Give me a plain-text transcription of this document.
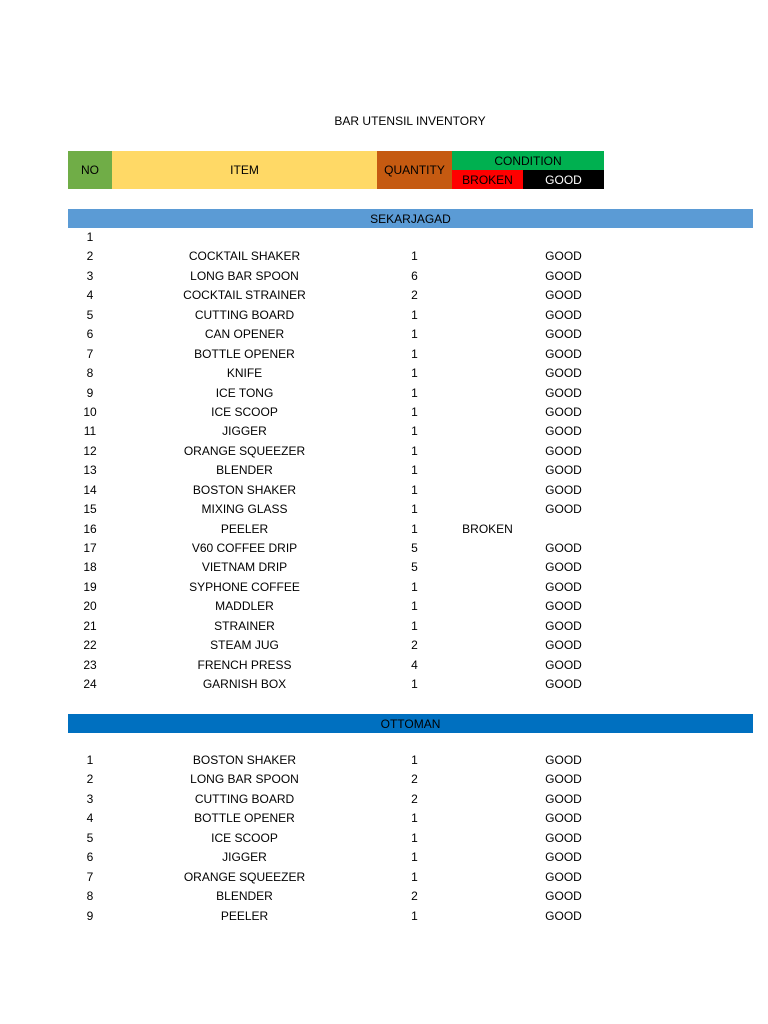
BAR UTENSIL INVENTORY
NO	ITEM	QUANTITY
CONDITION
BROKEN	GOOD
SEKARJAGAD
1
2	COCKTAIL SHAKER	1	GOOD
3	LONG BAR SPOON	6	GOOD
4	COCKTAIL STRAINER	2	GOOD
5	CUTTING BOARD	1	GOOD
6	CAN OPENER	1	GOOD
7	BOTTLE OPENER	1	GOOD
8	KNIFE	1	GOOD
9	ICE TONG	1	GOOD
10	ICE SCOOP	1	GOOD
11	JIGGER	1	GOOD
12	ORANGE SQUEEZER	1	GOOD
13	BLENDER	1	GOOD
14	BOSTON SHAKER	1	GOOD
15	MIXING GLASS	1	GOOD
16	PEELER	1	BROKEN
17	V60 COFFEE DRIP	5	GOOD
18	VIETNAM DRIP	5	GOOD
19	SYPHONE COFFEE	1	GOOD
20	MADDLER	1	GOOD
21	STRAINER	1	GOOD
22	STEAM JUG	2	GOOD
23	FRENCH PRESS	4	GOOD
24	GARNISH BOX	1	GOOD
OTTOMAN
1	BOSTON SHAKER	1	GOOD
2	LONG BAR SPOON	2	GOOD
3	CUTTING BOARD	2	GOOD
4	BOTTLE OPENER	1	GOOD
5	ICE SCOOP	1	GOOD
6	JIGGER	1	GOOD
7	ORANGE SQUEEZER	1	GOOD
8	BLENDER	2	GOOD
9	PEELER	1	GOOD
